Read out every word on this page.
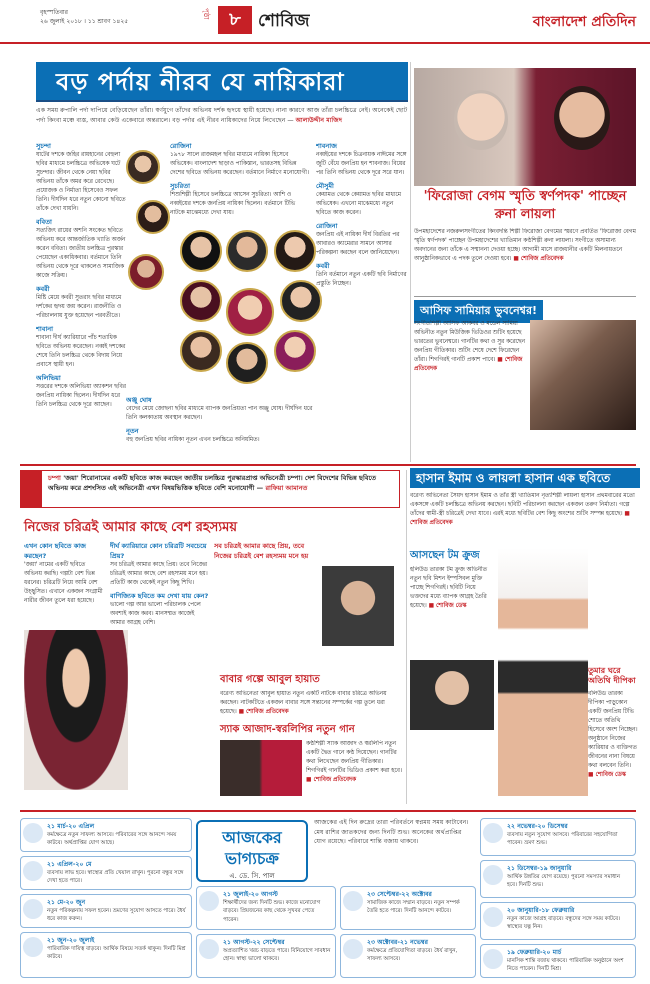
বৃহস্পতিবার
২৬ জুলাই ২০১৮ । ১১ শ্রাবণ ১৪২৫
পৃষ্ঠা	৮	শোবিজ	বাংলাদেশ প্রতিদিন
বড় পর্দায় নীরব যে নায়িকারা
এক সময় রুপালি পর্দা দাপিয়ে বেড়িয়েছেন তাঁরা। স্বর্ণযুগে তাঁদের অভিনয় দর্শক হৃদয়ে স্থায়ী হয়েছে। নানা কারণে আজ তাঁরা চলচ্চিত্রে নেই। অনেকেই ছোট পর্দা কিংবা মঞ্চে ব্যস্ত, আবার কেউ একেবারে অন্তরালে। বড় পর্দার এই নীরব নায়িকাদের নিয়ে লিখেছেন — আলাউদ্দীন মাজিদ
সুচন্দা
ষাটের দশকে জহির রায়হানের বেহুলা ছবির মাধ্যমে চলচ্চিত্রে অভিষেক ঘটে সুচন্দার। জীবন থেকে নেয়া ছবির অভিনয় তাঁকে অমর করে রেখেছে। প্রযোজক ও নির্মাতা হিসেবেও সফল তিনি। দীর্ঘদিন ধরে নতুন কোনো ছবিতে তাঁকে দেখা যায়নি।
ববিতা
সত্যজিৎ রায়ের অশনি সংকেত ছবিতে অভিনয় করে আন্তর্জাতিক খ্যাতি অর্জন করেন ববিতা। জাতীয় চলচ্চিত্র পুরস্কার পেয়েছেন একাধিকবার। বর্তমানে তিনি অভিনয় থেকে দূরে থাকলেও সামাজিক কাজে সক্রিয়।
কবরী
মিষ্টি মেয়ে কবরী সুতরাং ছবির মাধ্যমে দর্শকের হৃদয় জয় করেন। রাজনীতি ও পরিচালনায় যুক্ত হয়েছেন পরবর্তীতে।
শাবানা
শাবানা দীর্ঘ ক্যারিয়ারে পাঁচ শতাধিক ছবিতে অভিনয় করেছেন। নব্বই দশকের শেষে তিনি চলচ্চিত্র থেকে বিদায় নিয়ে প্রবাসে স্থায়ী হন।
অলিভিয়া
সত্তরের দশকে অলিভিয়া অ্যাকশন ছবির জনপ্রিয় নায়িকা ছিলেন। দীর্ঘদিন ধরে তিনি চলচ্চিত্র থেকে দূরে আছেন।
রোজিনা
১৯৭৮ সালে রাজমহল ছবির মাধ্যমে নায়িকা হিসেবে অভিষেক। বাংলাদেশ ছাড়াও পাকিস্তান, ভারতসহ বিভিন্ন দেশের ছবিতে অভিনয় করেছেন। বর্তমানে নির্মাণে মনোযোগী।
সুচরিতা
শিশুশিল্পী হিসেবে চলচ্চিত্রে আসেন সুচরিতা। আশি ও নব্বইয়ের দশকে জনপ্রিয় নায়িকা ছিলেন। বর্তমানে টিভি নাটকে মাঝেমধ্যে দেখা যায়।
অঞ্জু ঘোষ
বেদের মেয়ে জোছনা ছবির মাধ্যমে ব্যাপক জনপ্রিয়তা পান অঞ্জু ঘোষ। দীর্ঘদিন ধরে তিনি কলকাতায় অবস্থান করছেন।
নূতন
বহু জনপ্রিয় ছবির নায়িকা নূতন এখন চলচ্চিত্রে অনিয়মিত।
শাবনাজ
নব্বইয়ের দশকে চিত্রনায়ক নাঈমের সঙ্গে জুটি বেঁধে জনপ্রিয় হন শাবনাজ। বিয়ের পর তিনি অভিনয় থেকে দূরে সরে যান।
মৌসুমী
কেয়ামত থেকে কেয়ামত ছবির মাধ্যমে অভিষেক। এখনো মাঝেমধ্যে নতুন ছবিতে কাজ করেন।
রোজিনা
জনপ্রিয় এই নায়িকা দীর্ঘ বিরতির পর আবারও ক্যামেরার সামনে আসার পরিকল্পনা করছেন বলে জানিয়েছেন।
কবরী
তিনি বর্তমানে নতুন একটি ছবি নির্মাণের প্রস্তুতি নিচ্ছেন।
'ফিরোজা বেগম স্মৃতি স্বর্ণপদক' পাচ্ছেন রুনা লায়লা
উপমহাদেশের নজরুলসংগীতের কিংবদন্তি শিল্পী ফিরোজা বেগমের স্মরণে প্রবর্তিত 'ফিরোজা বেগম স্মৃতি স্বর্ণপদক' পাচ্ছেন উপমহাদেশের খ্যাতিমান কণ্ঠশিল্পী রুনা লায়লা। সংগীতে অসামান্য অবদানের জন্য তাঁকে এ সম্মাননা দেওয়া হচ্ছে। আগামী মাসে রাজধানীর একটি মিলনায়তনে আনুষ্ঠানিকভাবে এ পদক তুলে দেওয়া হবে। ■ শোবিজ প্রতিবেদক
আসিফ সামিয়ার ভুবনেশ্বর!
সংগীতশিল্পী আসিফ আকবর ও মডেল সামিয়া অভিনীত নতুন মিউজিক ভিডিওর শুটিং হয়েছে ভারতের ভুবনেশ্বরে। গানটির কথা ও সুর করেছেন জনপ্রিয় গীতিকার। শুটিং শেষে দেশে ফিরেছেন তাঁরা। শিগগিরই গানটি প্রকাশ পাবে। ■ শোবিজ প্রতিবেদক
চম্পা 'জয়া' শিরোনামের একটি ছবিতে কাজ করছেন জাতীয় চলচ্চিত্র পুরস্কারপ্রাপ্ত অভিনেত্রী চম্পা। দেশ বিদেশের বিভিন্ন ছবিতে অভিনয় করে প্রশংসিত এই অভিনেত্রী এখন বিষয়ভিত্তিক ছবিতে বেশি মনোযোগী — রাফিয়া আমানত
নিজের চরিত্রই আমার কাছে বেশ রহস্যময়
এখন কোন ছবিতে কাজ করছেন?
'জয়া' নামের একটি ছবিতে অভিনয় করছি। গল্পটা বেশ ভিন্ন ধরনের। চরিত্রটি নিয়ে আমি বেশ উচ্ছ্বসিত। এখানে একজন সংগ্রামী নারীর জীবন তুলে ধরা হয়েছে।
দীর্ঘ ক্যারিয়ারে কোন চরিত্রটি সবচেয়ে প্রিয়?
সব চরিত্রই আমার কাছে প্রিয়। তবে নিজের চরিত্রই আমার কাছে বেশ রহস্যময় মনে হয়। প্রতিটি কাজ থেকেই নতুন কিছু শিখি।
বাণিজ্যিক ছবিতে কম দেখা যায় কেন?
ভালো গল্প আর ভালো পরিচালক পেলে অবশ্যই কাজ করব। মানসম্মত কাজেই আমার আগ্রহ বেশি।
সব চরিত্রই আমার কাছে প্রিয়, তবে নিজের চরিত্রই বেশ রহস্যময় মনে হয়
বাবার গল্পে আবুল হায়াত
বরেণ্য অভিনেতা আবুল হায়াত নতুন একটি নাটকে বাবার চরিত্রে অভিনয় করছেন। নাটকটিতে একজন বাবার সঙ্গে সন্তানের সম্পর্কের গল্প তুলে ধরা হয়েছে। ■ শোবিজ প্রতিবেদক
স্যাক আজাদ-স্বরলিপির নতুন গান
কণ্ঠশিল্পী স্যাক আজাদ ও স্বরলিপি নতুন একটি দ্বৈত গানে কণ্ঠ দিয়েছেন। গানটির কথা লিখেছেন জনপ্রিয় গীতিকার। শিগগিরই গানটির ভিডিও প্রকাশ করা হবে। ■ শোবিজ প্রতিবেদক
হাসান ইমাম ও লায়লা হাসান এক ছবিতে
বরেণ্য অভিনেতা সৈয়দ হাসান ইমাম ও তাঁর স্ত্রী খ্যাতিমান নৃত্যশিল্পী লায়লা হাসান প্রথমবারের মতো একসঙ্গে একটি চলচ্চিত্রে অভিনয় করছেন। ছবিটি পরিচালনা করছেন একজন তরুণ নির্মাতা। গল্পে তাঁদের স্বামী-স্ত্রী চরিত্রেই দেখা যাবে। এরই মধ্যে ছবিটির বেশ কিছু অংশের শুটিং সম্পন্ন হয়েছে। ■ শোবিজ প্রতিবেদক
আসছেন টম ক্রুজ
হলিউড তারকা টম ক্রুজ অভিনীত নতুন ছবি মিশন ইম্পসিবল মুক্তি পাচ্ছে শিগগিরই। ছবিটি নিয়ে ভক্তদের মধ্যে ব্যাপক আগ্রহ তৈরি হয়েছে। ■ শোবিজ ডেস্ক
তুমার ঘরে অতিথি দীপিকা
বলিউড তারকা দীপিকা পাড়ুকোন একটি জনপ্রিয় টিভি শোতে অতিথি হিসেবে অংশ নিচ্ছেন। অনুষ্ঠানে নিজের ক্যারিয়ার ও ব্যক্তিগত জীবনের নানা বিষয়ে কথা বলবেন তিনি। ■ শোবিজ ডেস্ক
আজকের ভাগ্যচক্র
এ. ডে. সি. পাল
আজকের এই দিন রুদ্রের তারা পরিবর্তনে স্বপ্নময় সময় কাটাবেন। মেষ রাশির জাতকদের জন্য দিনটি শুভ। অনেকের অর্থপ্রাপ্তির যোগ রয়েছে। পরিবারে শান্তি বজায় থাকবে।
২১ মার্চ-২০ এপ্রিল
কর্মক্ষেত্রে নতুন সাফল্য আসবে। পরিবারের সঙ্গে আনন্দে সময় কাটবে। অর্থপ্রাপ্তির যোগ আছে।
২১ এপ্রিল-২০ মে
ব্যবসায় লাভ হবে। স্বাস্থ্যের প্রতি খেয়াল রাখুন। পুরনো বন্ধুর সঙ্গে দেখা হতে পারে।
২১ মে-২০ জুন
নতুন পরিকল্পনায় সফল হবেন। ভ্রমণের সুযোগ আসতে পারে। ধৈর্য ধরে কাজ করুন।
২১ জুন-২০ জুলাই
পারিবারিক দায়িত্ব বাড়বে। আর্থিক বিষয়ে সতর্ক থাকুন। দিনটি মিশ্র কাটবে।
২১ জুলাই-২০ আগস্ট
শিক্ষার্থীদের জন্য দিনটি শুভ। কাজে মনোযোগ বাড়বে। প্রিয়জনের কাছ থেকে সুখবর পেতে পারেন।
২১ আগস্ট-২২ সেপ্টেম্বর
অপ্রত্যাশিত খরচ বাড়তে পারে। বিনিয়োগে সাবধান হোন। স্বাস্থ্য ভালো থাকবে।
২৩ সেপ্টেম্বর-২২ অক্টোবর
সামাজিক কাজে সম্মান বাড়বে। নতুন সম্পর্ক তৈরি হতে পারে। দিনটি আনন্দে কাটবে।
২৩ অক্টোবর-২১ নভেম্বর
কর্মক্ষেত্রে প্রতিযোগিতা বাড়বে। ধৈর্য রাখুন, সাফল্য আসবে।
২২ নভেম্বর-২০ ডিসেম্বর
ব্যবসায় নতুন সুযোগ আসবে। পরিবারের সহযোগিতা পাবেন। ভ্রমণ শুভ।
২১ ডিসেম্বর-১৯ জানুয়ারি
আর্থিক উন্নতির যোগ রয়েছে। পুরনো সমস্যার সমাধান হবে। দিনটি শুভ।
২০ জানুয়ারি-১৮ ফেব্রুয়ারি
নতুন কাজে আগ্রহ বাড়বে। বন্ধুদের সঙ্গে সময় কাটবে। স্বাস্থ্যের যত্ন নিন।
১৯ ফেব্রুয়ারি-২০ মার্চ
মানসিক শান্তি বজায় থাকবে। পারিবারিক অনুষ্ঠানে অংশ নিতে পারেন। দিনটি মিশ্র।
